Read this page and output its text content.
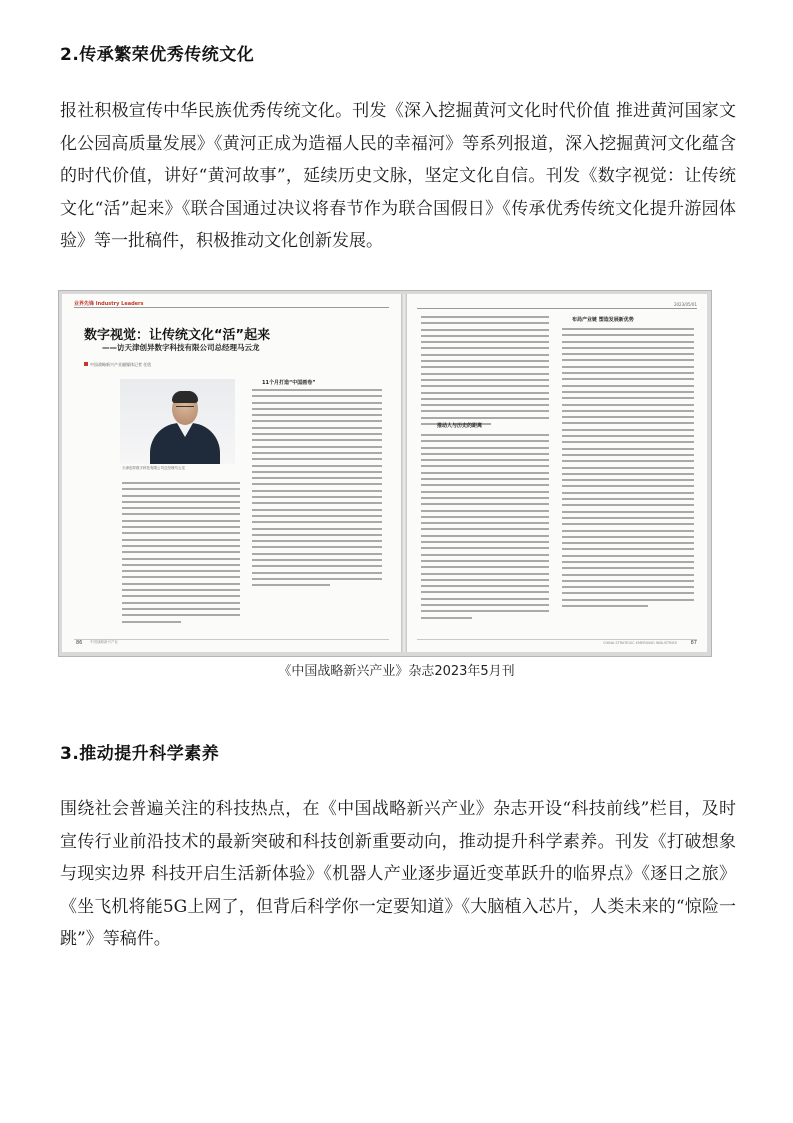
2.传承繁荣优秀传统文化
报社积极宣传中华民族优秀传统文化。刊发《深入挖掘黄河文化时代价值 推进黄河国家文化公园高质量发展》《黄河正成为造福人民的幸福河》等系列报道，深入挖掘黄河文化蕴含的时代价值，讲好“黄河故事”，延续历史文脉，坚定文化自信。刊发《数字视觉：让传统文化“活”起来》《联合国通过决议将春节作为联合国假日》《传承优秀传统文化提升游园体验》等一批稿件，积极推动文化创新发展。
业界先锋 Industry Leaders
数字视觉：让传统文化“活”起来
——访天津创异数字科技有限公司总经理马云龙
中国战略新兴产业融媒体记者 任欣
天津创异数字科技有限公司总经理马云龙
11个月打造“中国画卷”
86 中国战略新兴产业
2023/05/01
推动人与历史的距离
布局产业链 塑造发展新优势
CHINA STRATEGIC EMERGING INDUSTRIES	87
《中国战略新兴产业》杂志2023年5月刊
3.推动提升科学素养
围绕社会普遍关注的科技热点，在《中国战略新兴产业》杂志开设“科技前线”栏目，及时宣传行业前沿技术的最新突破和科技创新重要动向，推动提升科学素养。刊发《打破想象与现实边界 科技开启生活新体验》《机器人产业逐步逼近变革跃升的临界点》《逐日之旅》《坐飞机将能5G上网了，但背后科学你一定要知道》《大脑植入芯片，人类未来的“惊险一跳”》等稿件。
